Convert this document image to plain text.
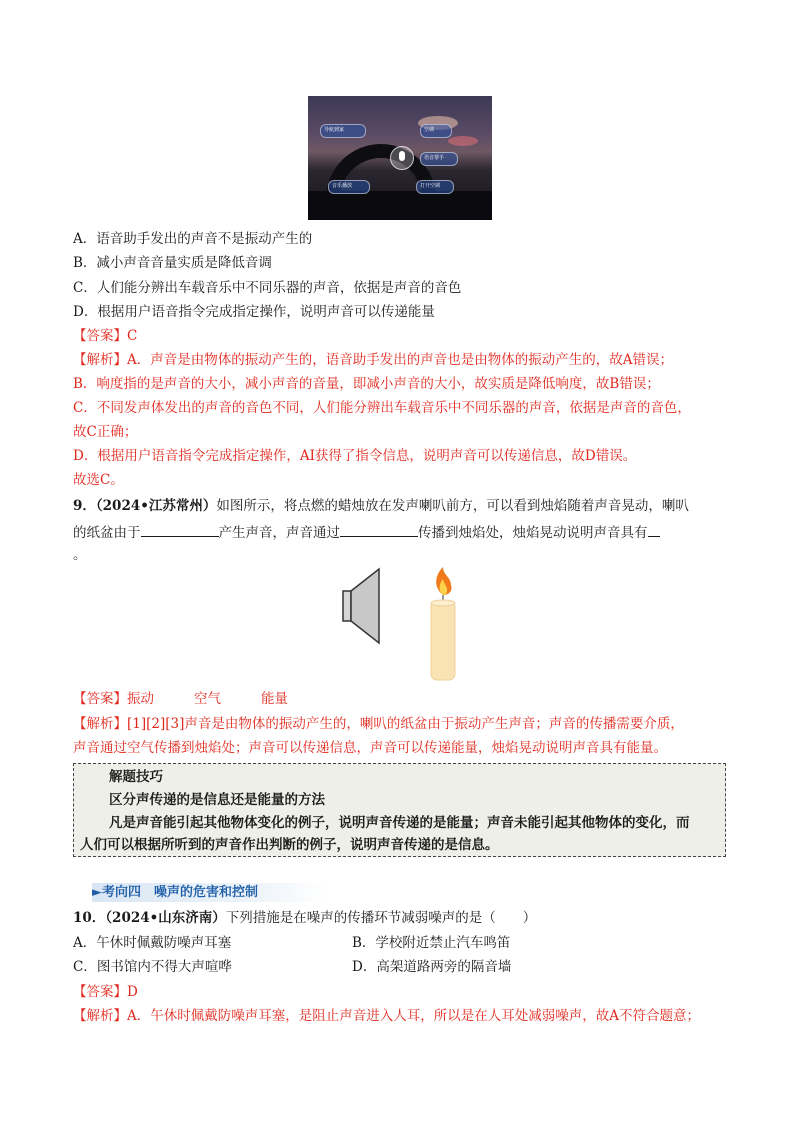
导航到家	空调
语音帮手
音乐播放	打开空调
A．语音助手发出的声音不是振动产生的
B．减小声音音量实质是降低音调
C．人们能分辨出车载音乐中不同乐器的声音，依据是声音的音色
D．根据用户语音指令完成指定操作，说明声音可以传递能量
【答案】C
【解析】A．声音是由物体的振动产生的，语音助手发出的声音也是由物体的振动产生的，故A错误；
B．响度指的是声音的大小，减小声音的音量，即减小声音的大小，故实质是降低响度，故B错误；
C．不同发声体发出的声音的音色不同，人们能分辨出车载音乐中不同乐器的声音，依据是声音的音色，
故C正确；
D．根据用户语音指令完成指定操作，AI获得了指令信息，说明声音可以传递信息，故D错误。
故选C。
9．（2024•江苏常州）如图所示，将点燃的蜡烛放在发声喇叭前方，可以看到烛焰随着声音晃动，喇叭
的纸盆由于	产生声音，声音通过	传播到烛焰处，烛焰晃动说明声音具有
。
【答案】振动	空气	能量
【解析】[1][2][3]声音是由物体的振动产生的，喇叭的纸盆由于振动产生声音；声音的传播需要介质，
声音通过空气传播到烛焰处；声音可以传递信息，声音可以传递能量，烛焰晃动说明声音具有能量。
解题技巧
区分声传递的是信息还是能量的方法
凡是声音能引起其他物体变化的例子，说明声音传递的是能量；声音未能引起其他物体的变化，而
人们可以根据所听到的声音作出判断的例子，说明声音传递的是信息。
►考向四　噪声的危害和控制
10．（2024•山东济南）下列措施是在噪声的传播环节减弱噪声的是（　　）
A．午休时佩戴防噪声耳塞	B．学校附近禁止汽车鸣笛
C．图书馆内不得大声喧哗	D．高架道路两旁的隔音墙
【答案】D
【解析】A．午休时佩戴防噪声耳塞，是阻止声音进入人耳，所以是在人耳处减弱噪声，故A不符合题意；
